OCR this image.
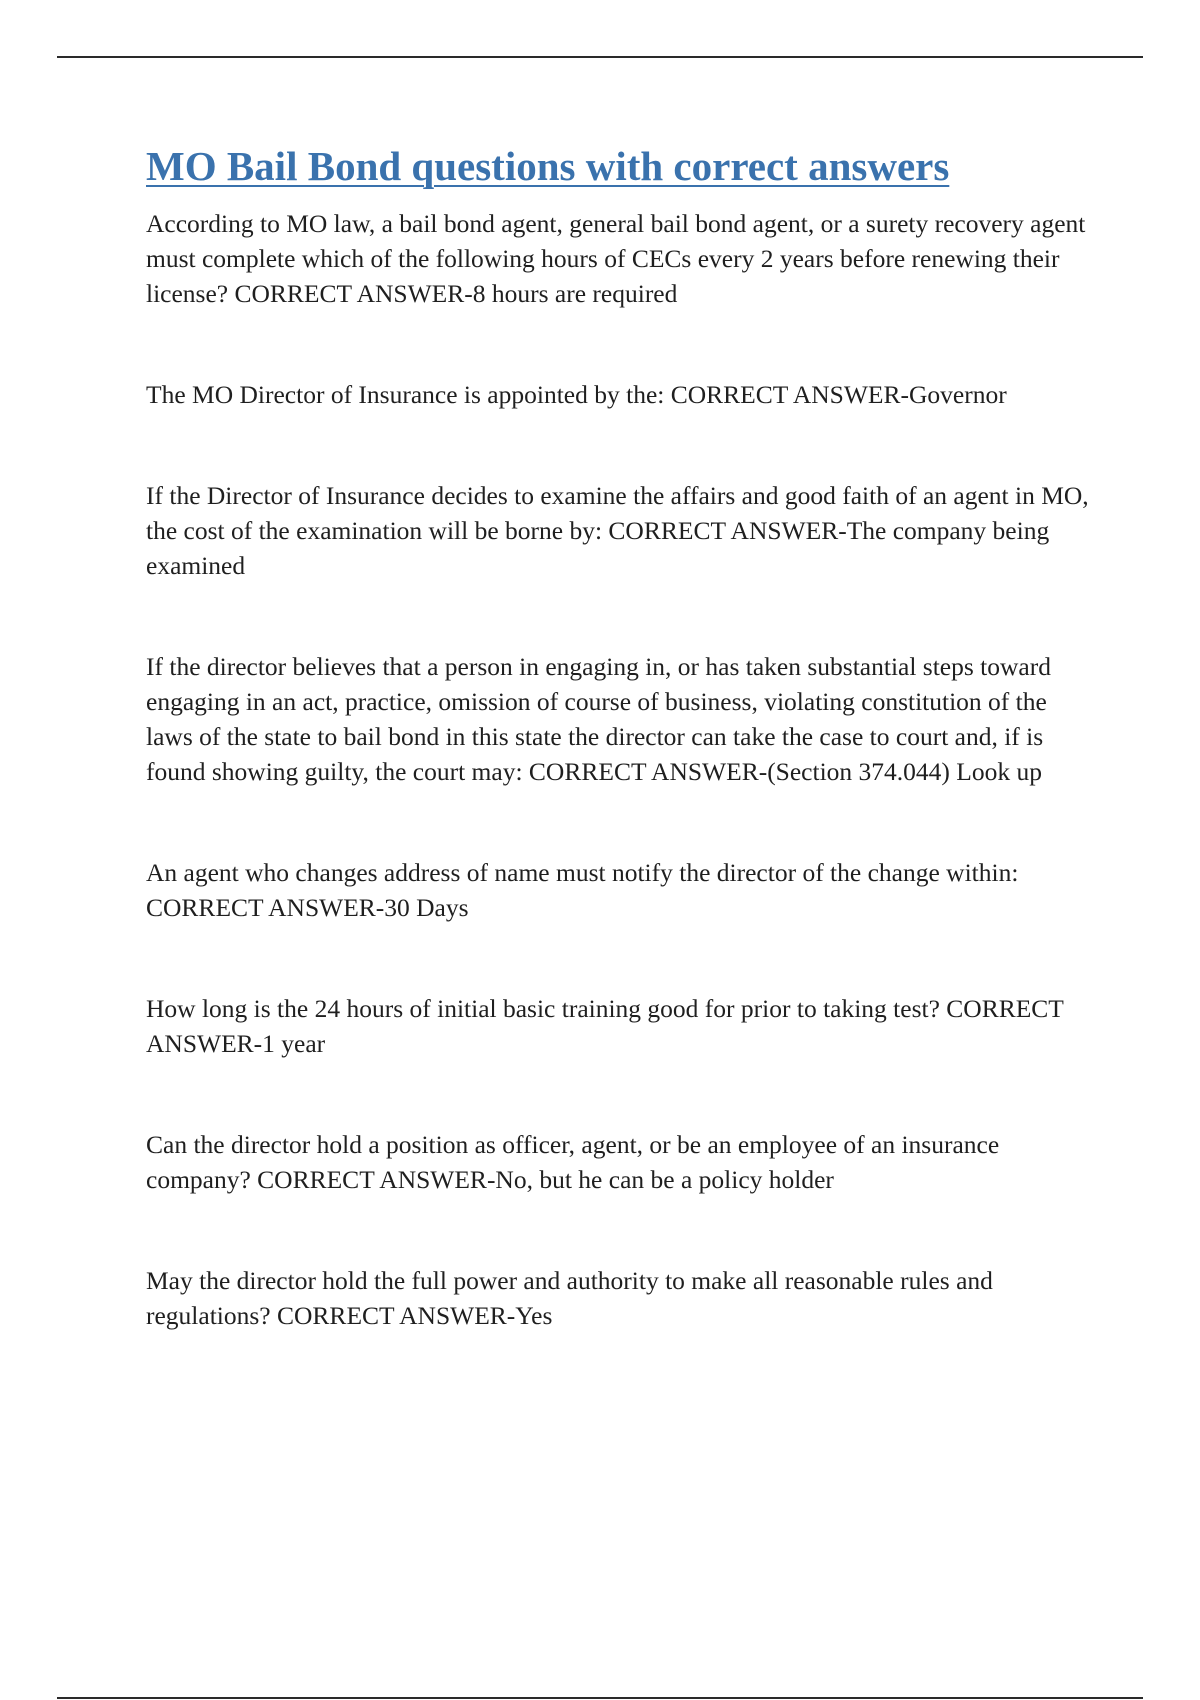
MO Bail Bond questions with correct answers

According to MO law, a bail bond agent, general bail bond agent, or a surety recovery agent must complete which of the following hours of CECs every 2 years before renewing their license? CORRECT ANSWER-8 hours are required

The MO Director of Insurance is appointed by the: CORRECT ANSWER-Governor

If the Director of Insurance decides to examine the affairs and good faith of an agent in MO, the cost of the examination will be borne by: CORRECT ANSWER-The company being examined

If the director believes that a person in engaging in, or has taken substantial steps toward engaging in an act, practice, omission of course of business, violating constitution of the laws of the state to bail bond in this state the director can take the case to court and, if is found showing guilty, the court may: CORRECT ANSWER-(Section 374.044) Look up

An agent who changes address of name must notify the director of the change within: CORRECT ANSWER-30 Days

How long is the 24 hours of initial basic training good for prior to taking test? CORRECT ANSWER-1 year

Can the director hold a position as officer, agent, or be an employee of an insurance company? CORRECT ANSWER-No, but he can be a policy holder

May the director hold the full power and authority to make all reasonable rules and regulations? CORRECT ANSWER-Yes
